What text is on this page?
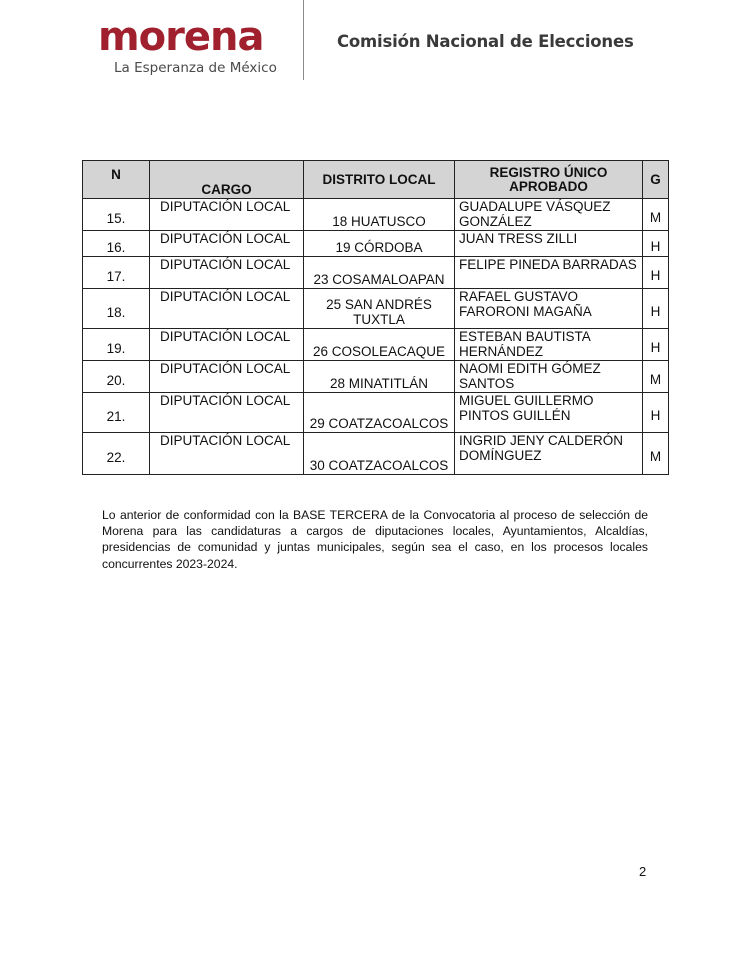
morena
La Esperanza de México
Comisión Nacional de Elecciones
N	CARGO	DISTRITO LOCAL	REGISTRO ÚNICO APROBADO	G
15.	DIPUTACIÓN LOCAL	18 HUATUSCO	GUADALUPE VÁSQUEZ GONZÁLEZ	M
16.	DIPUTACIÓN LOCAL	19 CÓRDOBA	JUAN TRESS ZILLI	H
17.	DIPUTACIÓN LOCAL	23 COSAMALOAPAN	FELIPE PINEDA BARRADAS	H
18.	DIPUTACIÓN LOCAL	25 SAN ANDRÉS TUXTLA	RAFAEL GUSTAVO FARORONI MAGAÑA	H
19.	DIPUTACIÓN LOCAL	26 COSOLEACAQUE	ESTEBAN BAUTISTA HERNÁNDEZ	H
20.	DIPUTACIÓN LOCAL	28 MINATITLÁN	NAOMI EDITH GÓMEZ SANTOS	M
21.	DIPUTACIÓN LOCAL	29 COATZACOALCOS	MIGUEL GUILLERMO PINTOS GUILLÉN	H
22.	DIPUTACIÓN LOCAL	30 COATZACOALCOS	INGRID JENY CALDERÓN DOMÍNGUEZ	M

Lo anterior de conformidad con la BASE TERCERA de la Convocatoria al proceso de selección de Morena para las candidaturas a cargos de diputaciones locales, Ayuntamientos, Alcaldías, presidencias de comunidad y juntas municipales, según sea el caso, en los procesos locales concurrentes 2023-2024.

2
